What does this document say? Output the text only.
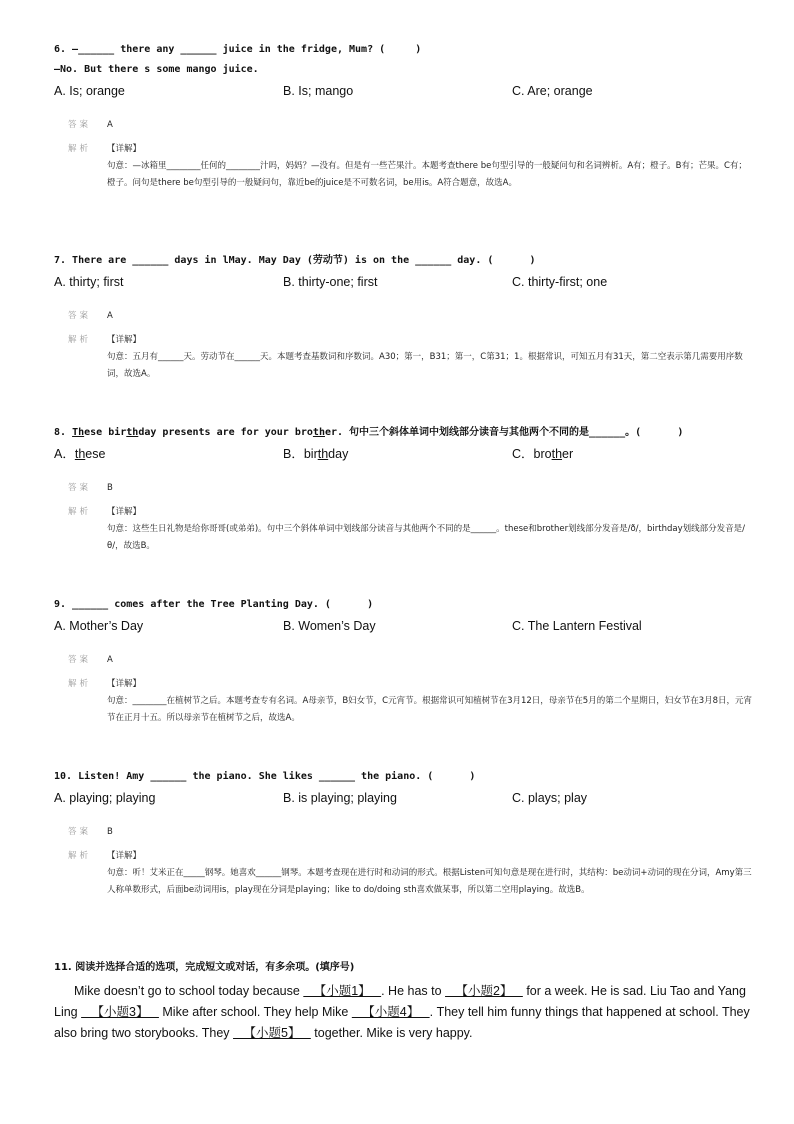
6. —______ there any ______ juice in the fridge, Mum? (     )
—No. But there s some mango juice.
A. Is; orange	B. Is; mango	C. Are; orange
答案 A
解析 【详解】
句意：—冰箱里________任何的________汁吗，妈妈？—没有。但是有一些芒果汁。本题考查there be句型引导的一般疑问句和名词辨析。A有；橙子。B有；芒果。C有；橙子。问句是there be句型引导的一般疑问句，靠近be的juice是不可数名词，be用is。A符合题意，故选A。
7. There are ______ days in lMay. May Day (劳动节) is on the ______ day. (      )
A. thirty; first	B. thirty-one; first	C. thirty-first; one
答案 A
解析 【详解】
句意：五月有______天。劳动节在______天。本题考查基数词和序数词。A30；第一，B31；第一，C第31；1。根据常识，可知五月有31天，第二空表示第几需要用序数词，故选A。
8. These birthday presents are for your brother. 句中三个斜体单词中划线部分读音与其他两个不同的是______。(      )
A．these	B．birthday	C．brother
答案 B
解析 【详解】
句意：这些生日礼物是给你哥哥(或弟弟)。句中三个斜体单词中划线部分读音与其他两个不同的是______。these和brother划线部分发音是/ð/，birthday划线部分发音是/θ/，故选B。
9. ______ comes after the Tree Planting Day. (      )
A. Mother’s Day	B. Women’s Day	C. The Lantern Festival
答案 A
解析 【详解】
句意：________在植树节之后。本题考查专有名词。A母亲节，B妇女节，C元宵节。根据常识可知植树节在3月12日，母亲节在5月的第二个星期日，妇女节在3月8日，元宵节在正月十五。所以母亲节在植树节之后，故选A。
10. Listen! Amy ______ the piano. She likes ______ the piano. (      )
A. playing; playing	B. is playing; playing	C. plays; play
答案 B
解析 【详解】
句意：听！艾米正在_____钢琴。她喜欢______钢琴。本题考查现在进行时和动词的形式。根据Listen可知句意是现在进行时，其结构：be动词+动词的现在分词，Amy第三人称单数形式，后面be动词用is，play现在分词是playing；like to do/doing sth喜欢做某事，所以第二空用playing。故选B。
11. 阅读并选择合适的选项，完成短文或对话，有多余项。(填序号)
Mike doesn’t go to school today because    【小题1】   . He has to    【小题2】    for a week. He is sad. Liu Tao and Yang Ling    【小题3】    Mike after school. They help Mike    【小题4】   . They tell him funny things that happened at school. They also bring two storybooks. They    【小题5】    together. Mike is very happy.
